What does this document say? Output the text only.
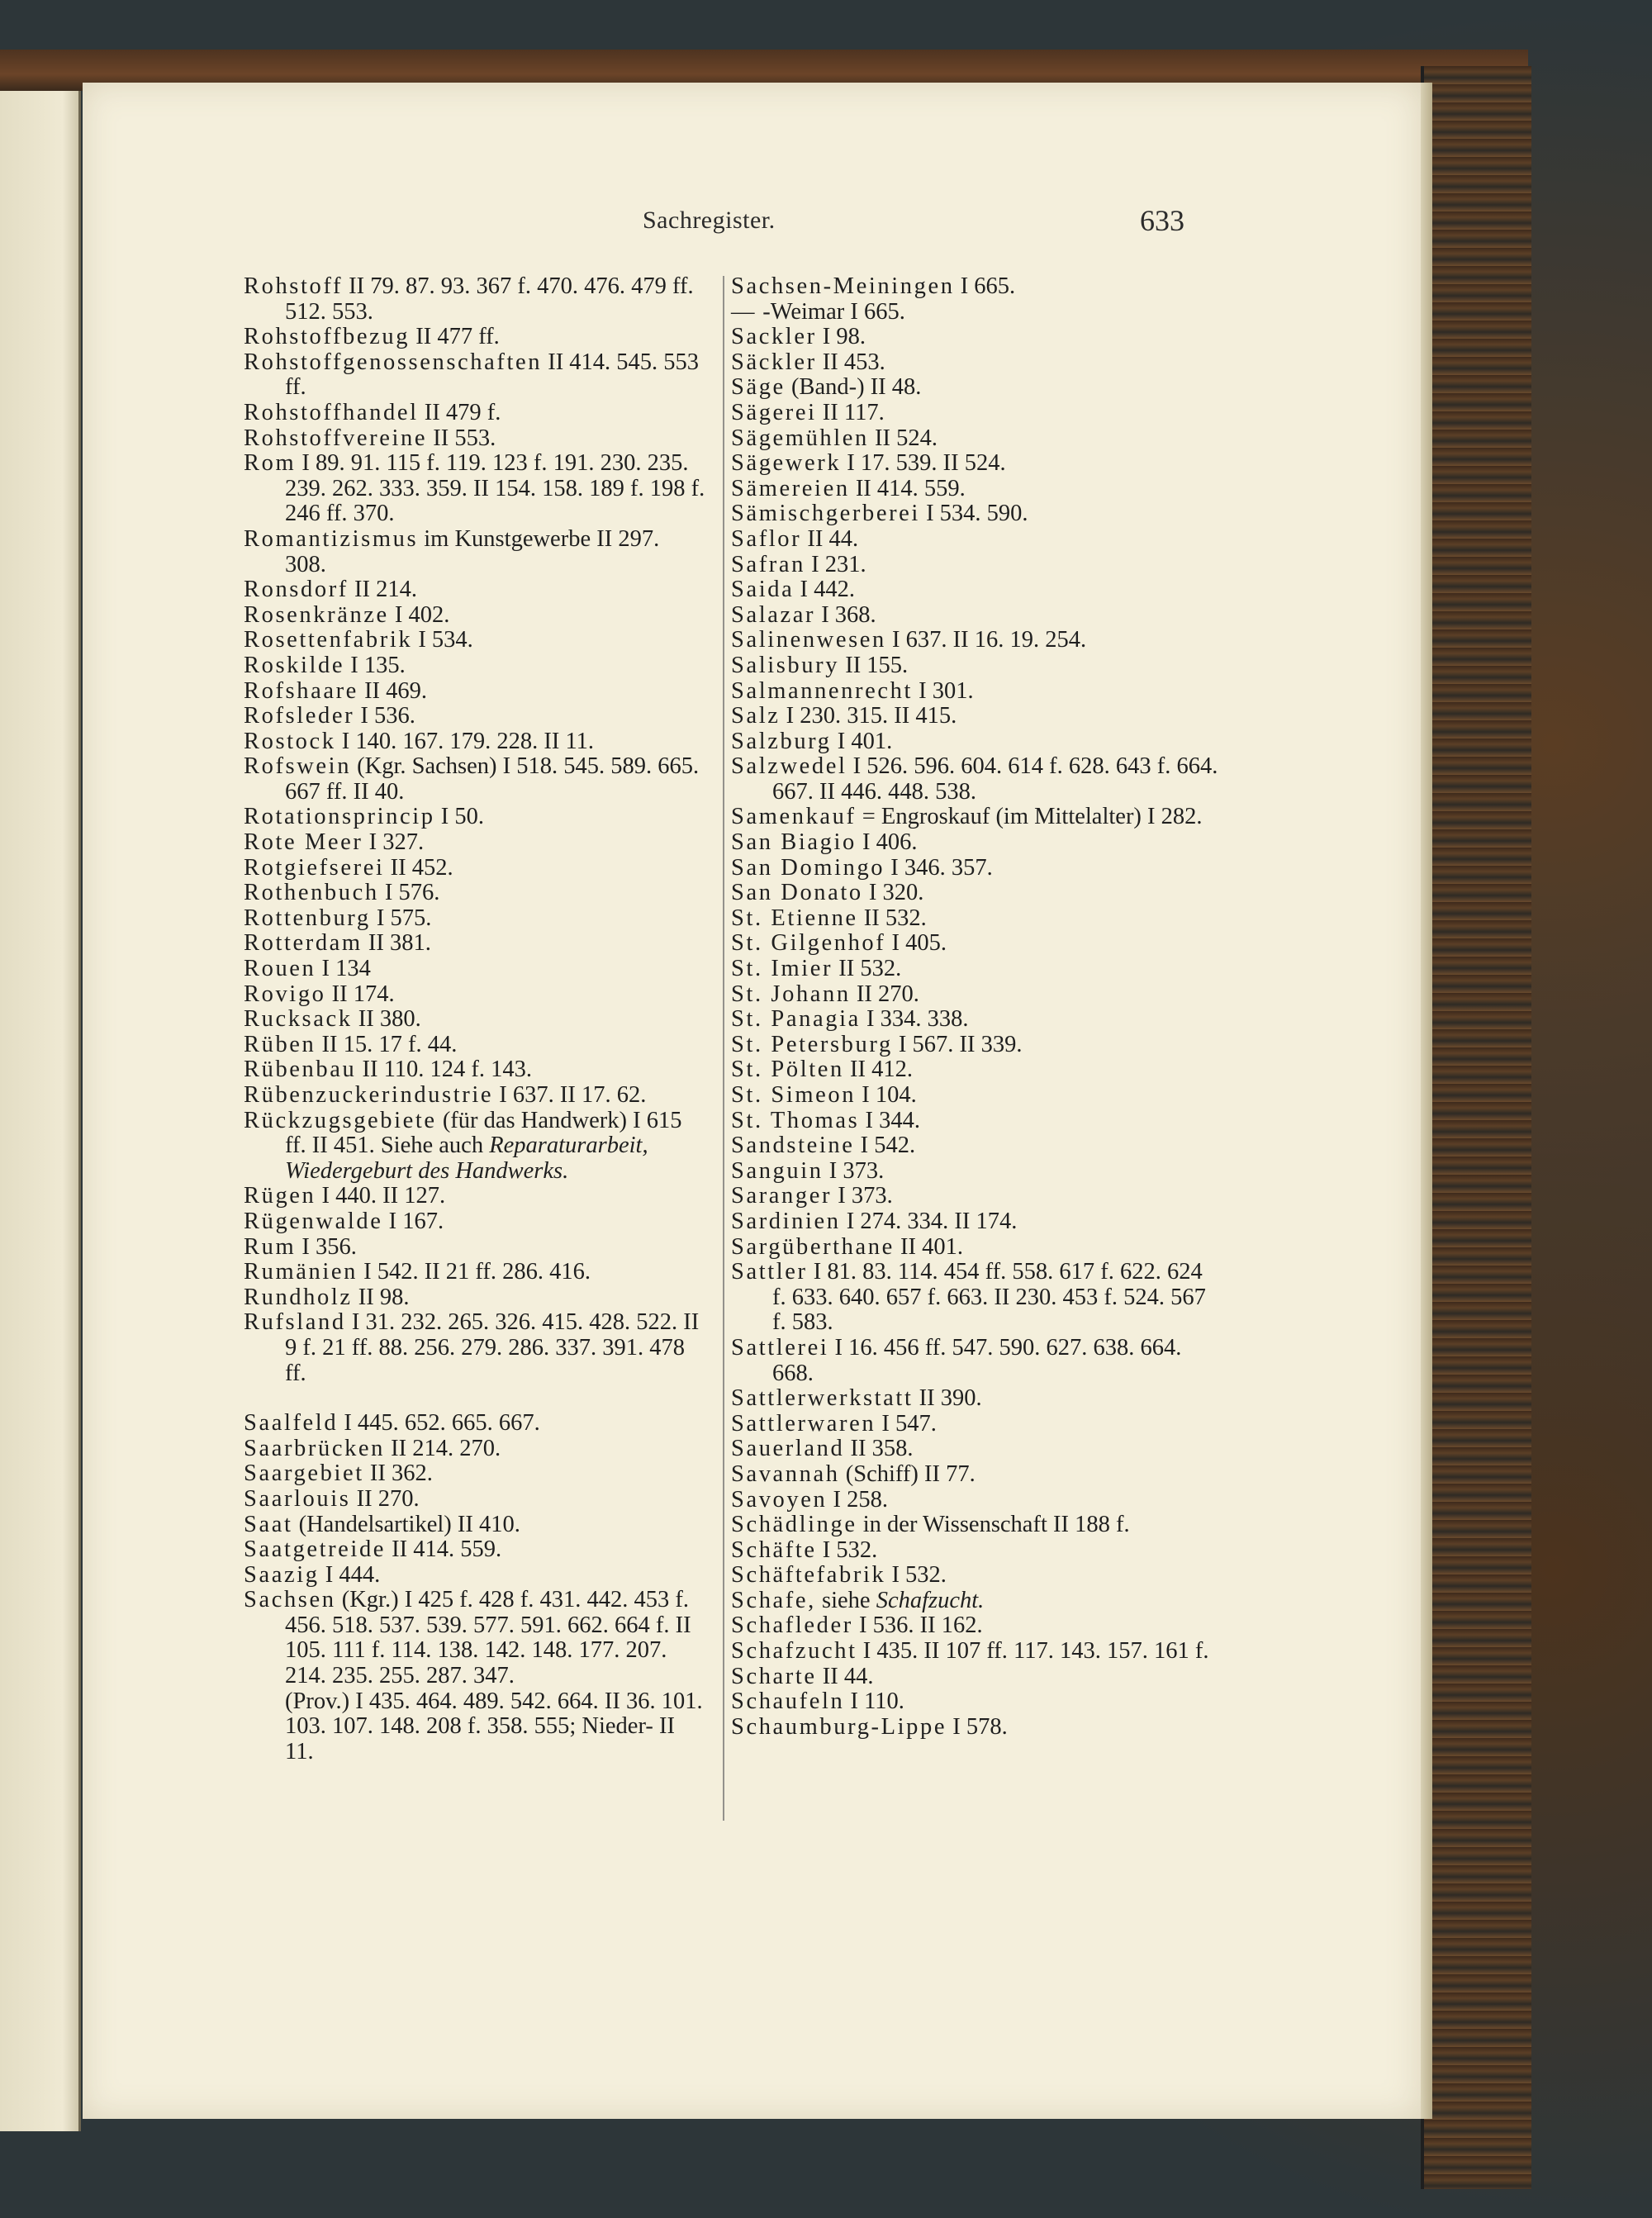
Sachregister.	633

Rohstoff II 79. 87. 93. 367 f. 470. 476. 479 ff. 512. 553.

Rohstoffbezug II 477 ff.

Rohstoffgenossenschaften II 414. 545. 553 ff.

Rohstoffhandel II 479 f.

Rohstoffvereine II 553.

Rom I 89. 91. 115 f. 119. 123 f. 191. 230. 235. 239. 262. 333. 359. II 154. 158. 189 f. 198 f. 246 ff. 370.

Romantizismus im Kunstgewerbe II 297. 308.

Ronsdorf II 214.

Rosenkränze I 402.

Rosettenfabrik I 534.

Roskilde I 135.

Rofshaare II 469.

Rofsleder I 536.

Rostock I 140. 167. 179. 228. II 11.

Rofswein (Kgr. Sachsen) I 518. 545. 589. 665. 667 ff. II 40.

Rotationsprincip I 50.

Rote Meer I 327.

Rotgiefserei II 452.

Rothenbuch I 576.

Rottenburg I 575.

Rotterdam II 381.

Rouen I 134

Rovigo II 174.

Rucksack II 380.

Rüben II 15. 17 f. 44.

Rübenbau II 110. 124 f. 143.

Rübenzuckerindustrie I 637. II 17. 62.

Rückzugsgebiete (für das Handwerk) I 615 ff. II 451. Siehe auch Reparaturarbeit, Wiedergeburt des Handwerks.

Rügen I 440. II 127.

Rügenwalde I 167.

Rum I 356.

Rumänien I 542. II 21 ff. 286. 416.

Rundholz II 98.

Rufsland I 31. 232. 265. 326. 415. 428. 522. II 9 f. 21 ff. 88. 256. 279. 286. 337. 391. 478 ff.

Saalfeld I 445. 652. 665. 667.

Saarbrücken II 214. 270.

Saargebiet II 362.

Saarlouis II 270.

Saat (Handelsartikel) II 410.

Saatgetreide II 414. 559.

Saazig I 444.

Sachsen (Kgr.) I 425 f. 428 f. 431. 442. 453 f. 456. 518. 537. 539. 577. 591. 662. 664 f. II 105. 111 f. 114. 138. 142. 148. 177. 207. 214. 235. 255. 287. 347.

(Prov.) I 435. 464. 489. 542. 664. II 36. 101. 103. 107. 148. 208 f. 358. 555; Nieder- II 11.

Sachsen-Meiningen I 665.

— -Weimar I 665.

Sackler I 98.

Säckler II 453.

Säge (Band-) II 48.

Sägerei II 117.

Sägemühlen II 524.

Sägewerk I 17. 539. II 524.

Sämereien II 414. 559.

Sämischgerberei I 534. 590.

Saflor II 44.

Safran I 231.

Saida I 442.

Salazar I 368.

Salinenwesen I 637. II 16. 19. 254.

Salisbury II 155.

Salmannenrecht I 301.

Salz I 230. 315. II 415.

Salzburg I 401.

Salzwedel I 526. 596. 604. 614 f. 628. 643 f. 664. 667. II 446. 448. 538.

Samenkauf = Engroskauf (im Mittelalter) I 282.

San Biagio I 406.

San Domingo I 346. 357.

San Donato I 320.

St. Etienne II 532.

St. Gilgenhof I 405.

St. Imier II 532.

St. Johann II 270.

St. Panagia I 334. 338.

St. Petersburg I 567. II 339.

St. Pölten II 412.

St. Simeon I 104.

St. Thomas I 344.

Sandsteine I 542.

Sanguin I 373.

Saranger I 373.

Sardinien I 274. 334. II 174.

Sargüberthane II 401.

Sattler I 81. 83. 114. 454 ff. 558. 617 f. 622. 624 f. 633. 640. 657 f. 663. II 230. 453 f. 524. 567 f. 583.

Sattlerei I 16. 456 ff. 547. 590. 627. 638. 664. 668.

Sattlerwerkstatt II 390.

Sattlerwaren I 547.

Sauerland II 358.

Savannah (Schiff) II 77.

Savoyen I 258.

Schädlinge in der Wissenschaft II 188 f.

Schäfte I 532.

Schäftefabrik I 532.

Schafe, siehe Schafzucht.

Schafleder I 536. II 162.

Schafzucht I 435. II 107 ff. 117. 143. 157. 161 f.

Scharte II 44.

Schaufeln I 110.

Schaumburg-Lippe I 578.
